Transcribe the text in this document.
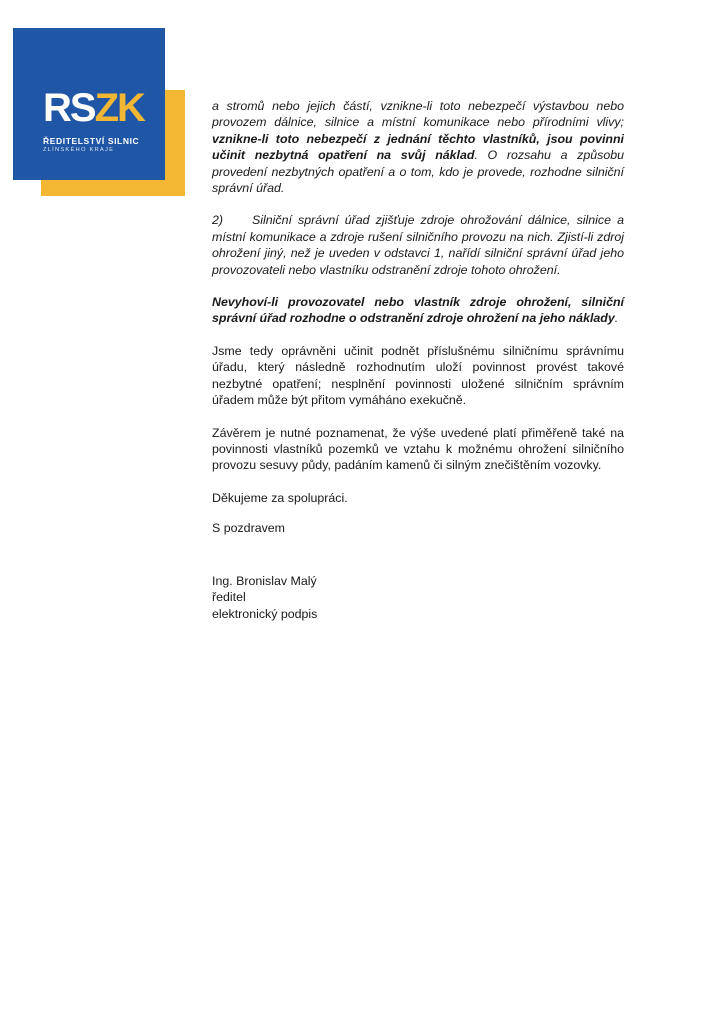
RSZK
ŘEDITELSTVÍ SILNIC
ZLÍNSKÉHO KRAJE

a stromů nebo jejich částí, vznikne-li toto nebezpečí výstavbou nebo provozem dálnice, silnice a místní komunikace nebo přírodními vlivy; vznikne-li toto nebezpečí z jednání těchto vlastníků, jsou povinni učinit nezbytná opatření na svůj náklad. O rozsahu a způsobu provedení nezbytných opatření a o tom, kdo je provede, rozhodne silniční správní úřad.

2) Silniční správní úřad zjišťuje zdroje ohrožování dálnice, silnice a místní komunikace a zdroje rušení silničního provozu na nich. Zjistí-li zdroj ohrožení jiný, než je uveden v odstavci 1, nařídí silniční správní úřad jeho provozovateli nebo vlastníku odstranění zdroje tohoto ohrožení.

Nevyhoví-li provozovatel nebo vlastník zdroje ohrožení, silniční správní úřad rozhodne o odstranění zdroje ohrožení na jeho náklady.

Jsme tedy oprávněni učinit podnět příslušnému silničnímu správnímu úřadu, který následně rozhodnutím uloží povinnost provést takové nezbytné opatření; nesplnění povinnosti uložené silničním správním úřadem může být přitom vymáháno exekučně.

Závěrem je nutné poznamenat, že výše uvedené platí přiměřeně také na povinnosti vlastníků pozemků ve vztahu k možnému ohrožení silničního provozu sesuvy půdy, padáním kamenů či silným znečištěním vozovky.

Děkujeme za spolupráci.

S pozdravem

Ing. Bronislav Malý
ředitel
elektronický podpis
